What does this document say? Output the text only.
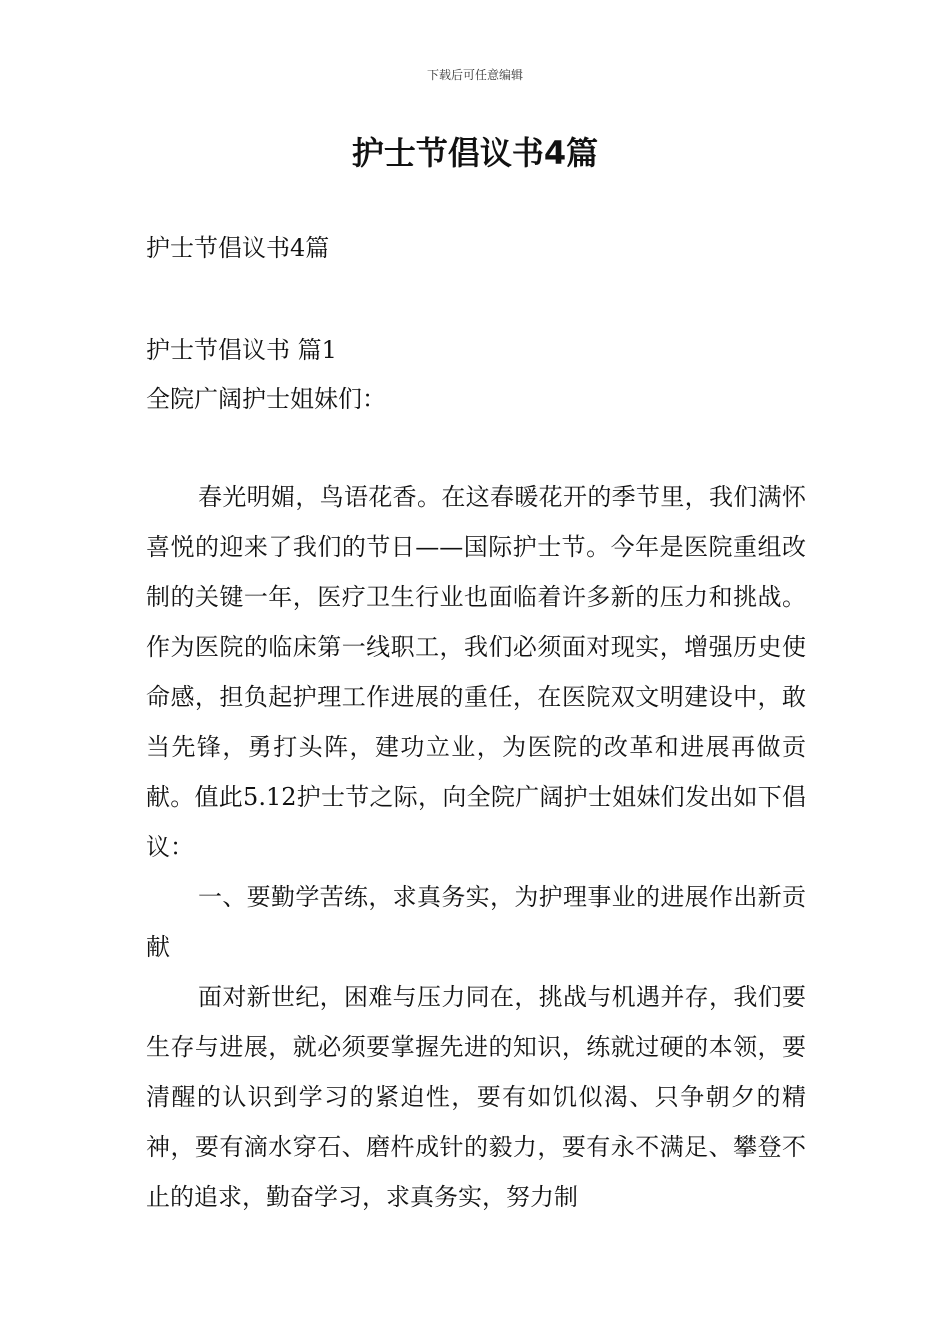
下载后可任意编辑
护士节倡议书4篇
护士节倡议书4篇
护士节倡议书 篇1
全院广阔护士姐妹们：

春光明媚，鸟语花香。在这春暖花开的季节里，我们满怀喜悦的迎来了我们的节日——国际护士节。今年是医院重组改制的关键一年，医疗卫生行业也面临着许多新的压力和挑战。作为医院的临床第一线职工，我们必须面对现实，增强历史使命感，担负起护理工作进展的重任，在医院双文明建设中，敢当先锋，勇打头阵，建功立业，为医院的改革和进展再做贡献。值此5.12护士节之际，向全院广阔护士姐妹们发出如下倡议：

一、要勤学苦练，求真务实，为护理事业的进展作出新贡献

面对新世纪，困难与压力同在，挑战与机遇并存，我们要生存与进展，就必须要掌握先进的知识，练就过硬的本领，要清醒的认识到学习的紧迫性，要有如饥似渴、只争朝夕的精神，要有滴水穿石、磨杵成针的毅力，要有永不满足、攀登不止的追求，勤奋学习，求真务实，努力制
